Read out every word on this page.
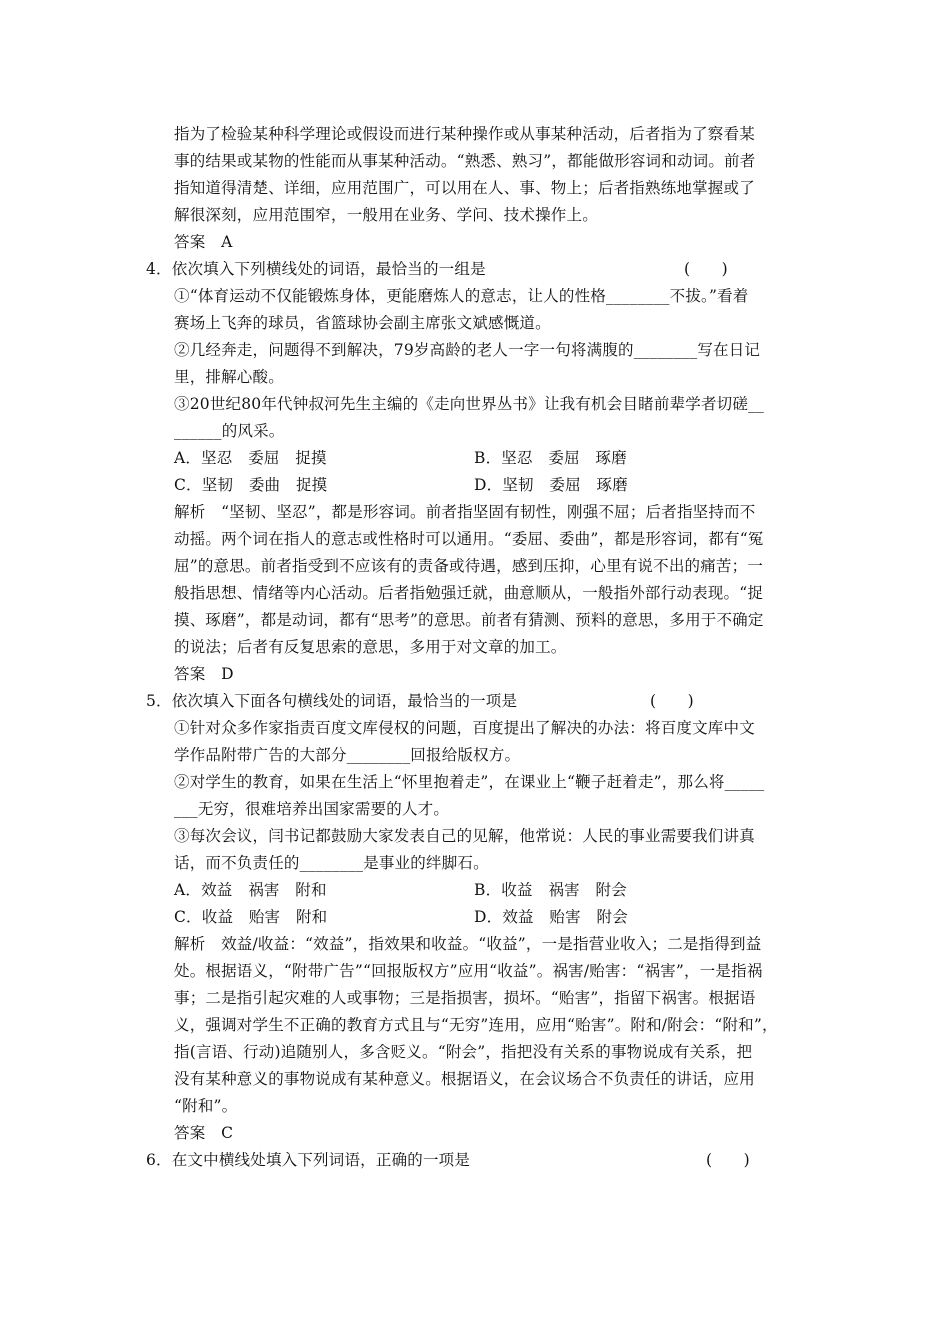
指为了检验某种科学理论或假设而进行某种操作或从事某种活动，后者指为了察看某
事的结果或某物的性能而从事某种活动。“熟悉、熟习”，都能做形容词和动词。前者
指知道得清楚、详细，应用范围广，可以用在人、事、物上；后者指熟练地掌握或了
解很深刻，应用范围窄，一般用在业务、学问、技术操作上。
答案　A
4．依次填入下列横线处的词语，最恰当的一组是	(　　)
①“体育运动不仅能锻炼身体，更能磨炼人的意志，让人的性格________不拔。”看着
赛场上飞奔的球员，省篮球协会副主席张文斌感慨道。
②几经奔走，问题得不到解决，79岁高龄的老人一字一句将满腹的________写在日记
里，排解心酸。
③20世纪80年代钟叔河先生主编的《走向世界丛书》让我有机会目睹前辈学者切磋__
______的风采。
A．坚忍　委屈　捉摸	B．坚忍　委屈　琢磨
C．坚韧　委曲　捉摸	D．坚韧　委屈　琢磨
解析　“坚韧、坚忍”，都是形容词。前者指坚固有韧性，刚强不屈；后者指坚持而不
动摇。两个词在指人的意志或性格时可以通用。“委屈、委曲”，都是形容词，都有“冤
屈”的意思。前者指受到不应该有的责备或待遇，感到压抑，心里有说不出的痛苦；一
般指思想、情绪等内心活动。后者指勉强迁就，曲意顺从，一般指外部行动表现。“捉
摸、琢磨”，都是动词，都有“思考”的意思。前者有猜测、预料的意思，多用于不确定
的说法；后者有反复思索的意思，多用于对文章的加工。
答案　D
5．依次填入下面各句横线处的词语，最恰当的一项是	(　　)
①针对众多作家指责百度文库侵权的问题，百度提出了解决的办法：将百度文库中文
学作品附带广告的大部分________回报给版权方。
②对学生的教育，如果在生活上“怀里抱着走”，在课业上“鞭子赶着走”，那么将_____
___无穷，很难培养出国家需要的人才。
③每次会议，闫书记都鼓励大家发表自己的见解，他常说：人民的事业需要我们讲真
话，而不负责任的________是事业的绊脚石。
A．效益　祸害　附和	B．收益　祸害　附会
C．收益　贻害　附和	D．效益　贻害　附会
解析　效益/收益：“效益”，指效果和收益。“收益”，一是指营业收入；二是指得到益
处。根据语义，“附带广告”“回报版权方”应用“收益”。祸害/贻害：“祸害”，一是指祸
事；二是指引起灾难的人或事物；三是指损害，损坏。“贻害”，指留下祸害。根据语
义，强调对学生不正确的教育方式且与“无穷”连用，应用“贻害”。附和/附会：“附和”，
指(言语、行动)追随别人，多含贬义。“附会”，指把没有关系的事物说成有关系，把
没有某种意义的事物说成有某种意义。根据语义，在会议场合不负责任的讲话，应用
“附和”。
答案　C
6．在文中横线处填入下列词语，正确的一项是	(　　)
